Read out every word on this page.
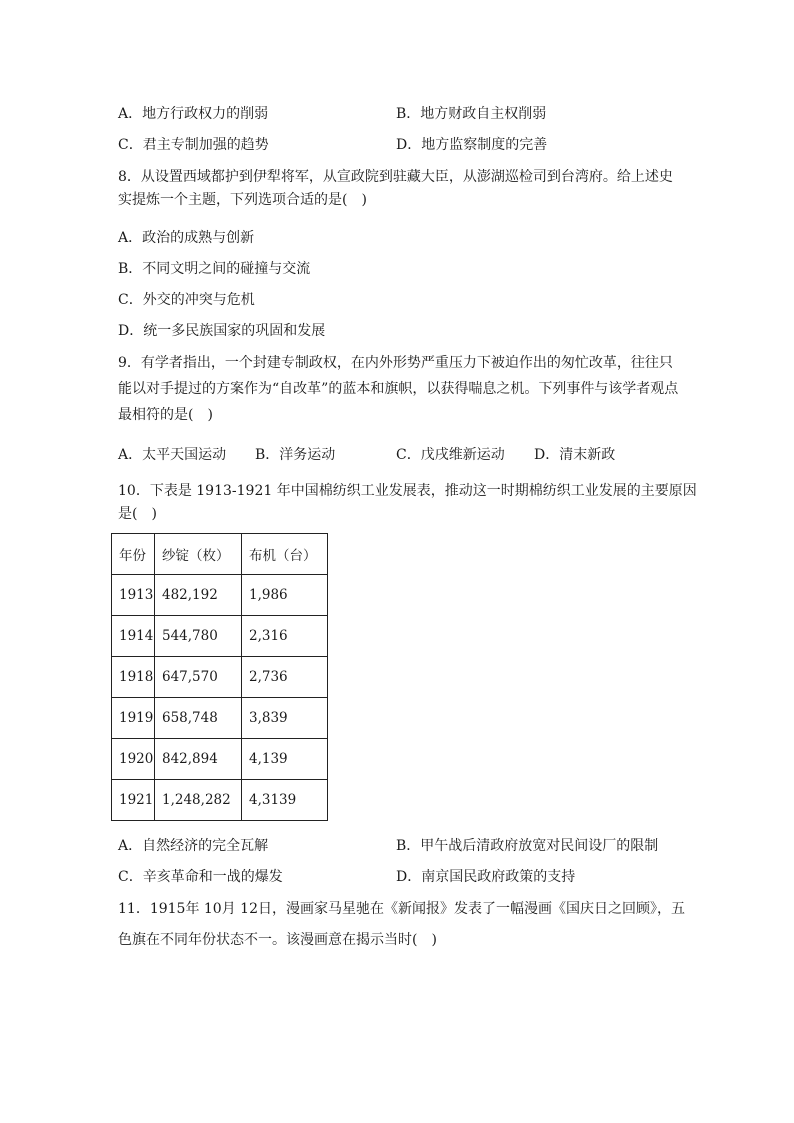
A．地方行政权力的削弱	B．地方财政自主权削弱
C．君主专制加强的趋势	D．地方监察制度的完善
8．从设置西域都护到伊犁将军，从宣政院到驻藏大臣，从澎湖巡检司到台湾府。给上述史
实提炼一个主题，下列选项合适的是(　)
A．政治的成熟与创新
B．不同文明之间的碰撞与交流
C．外交的冲突与危机
D．统一多民族国家的巩固和发展
9．有学者指出，一个封建专制政权，在内外形势严重压力下被迫作出的匆忙改革，往往只
能以对手提过的方案作为“自改革”的蓝本和旗帜，以获得喘息之机。下列事件与该学者观点
最相符的是(　)
A．太平天国运动 B．洋务运动	C．戊戌维新运动 D．清末新政
10．下表是 1913-1921 年中国棉纺织工业发展表，推动这一时期棉纺织工业发展的主要原因
是(　)
年份	纱锭（枚）	布机（台）
1913	482,192	1,986
1914	544,780	2,316
1918	647,570	2,736
1919	658,748	3,839
1920	842,894	4,139
1921	1,248,282	4,3139
A．自然经济的完全瓦解	B．甲午战后清政府放宽对民间设厂的限制
C．辛亥革命和一战的爆发	D．南京国民政府政策的支持
11．1915年 10月 12日，漫画家马星驰在《新闻报》发表了一幅漫画《国庆日之回顾》，五
色旗在不同年份状态不一。该漫画意在揭示当时(　)
